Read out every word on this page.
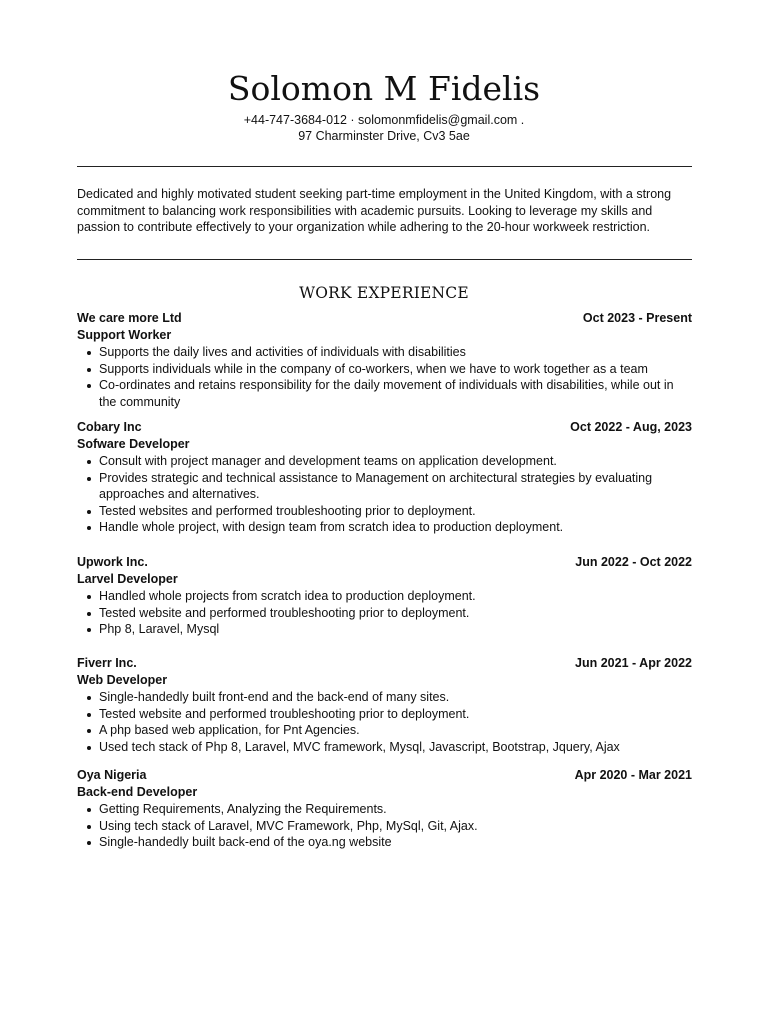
Solomon M Fidelis
+44-747-3684-012 · solomonmfidelis@gmail.com .
97 Charminster Drive, Cv3 5ae
Dedicated and highly motivated student seeking part-time employment in the United Kingdom, with a strong commitment to balancing work responsibilities with academic pursuits. Looking to leverage my skills and passion to contribute effectively to your organization while adhering to the 20-hour workweek restriction.
WORK EXPERIENCE
We care more Ltd	Oct 2023 - Present
Support Worker
Supports the daily lives and activities of individuals with disabilities
Supports individuals while in the company of co-workers, when we have to work together as a team
Co-ordinates and retains responsibility for the daily movement of individuals with disabilities, while out in the community
Cobary Inc	Oct 2022 - Aug, 2023
Sofware Developer
Consult with project manager and development teams on application development.
Provides strategic and technical assistance to Management on architectural strategies by evaluating approaches and alternatives.
Tested websites and performed troubleshooting prior to deployment.
Handle whole project, with design team from scratch idea to production deployment.
Upwork Inc.	Jun 2022 - Oct 2022
Larvel Developer
Handled whole projects from scratch idea to production deployment.
Tested website and performed troubleshooting prior to deployment.
Php 8, Laravel, Mysql
Fiverr Inc.	Jun 2021 - Apr 2022
Web Developer
Single-handedly built front-end and the back-end of many sites.
Tested website and performed troubleshooting prior to deployment.
A php based web application, for Pnt Agencies.
Used tech stack of Php 8, Laravel, MVC framework, Mysql, Javascript, Bootstrap, Jquery, Ajax
Oya Nigeria	Apr 2020 - Mar 2021
Back-end Developer
Getting Requirements, Analyzing the Requirements.
Using tech stack of Laravel, MVC Framework, Php, MySql, Git, Ajax.
Single-handedly built back-end of the oya.ng website
